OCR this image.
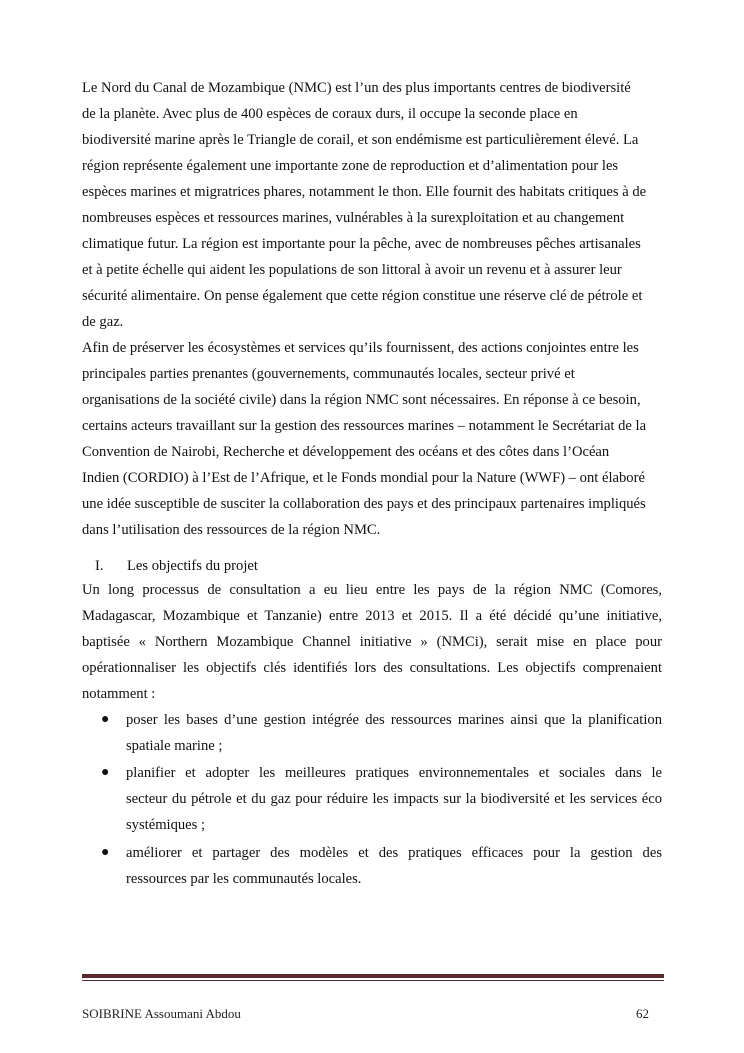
Le Nord du Canal de Mozambique (NMC) est l’un des plus importants centres de biodiversité
de la planète. Avec plus de 400 espèces de coraux durs, il occupe la seconde place en
biodiversité marine après le Triangle de corail, et son endémisme est particulièrement élevé. La
région représente également une importante zone de reproduction et d’alimentation pour les
espèces marines et migratrices phares, notamment le thon. Elle fournit des habitats critiques à de
nombreuses espèces et ressources marines, vulnérables à la surexploitation et au changement
climatique futur. La région est importante pour la pêche, avec de nombreuses pêches artisanales
et à petite échelle qui aident les populations de son littoral à avoir un revenu et à assurer leur
sécurité alimentaire. On pense également que cette région constitue une réserve clé de pétrole et
de gaz.
Afin de préserver les écosystèmes et services qu’ils fournissent, des actions conjointes entre les
principales parties prenantes (gouvernements, communautés locales, secteur privé et
organisations de la société civile) dans la région NMC sont nécessaires. En réponse à ce besoin,
certains acteurs travaillant sur la gestion des ressources marines – notamment le Secrétariat de la
Convention de Nairobi, Recherche et développement des océans et des côtes dans l’Océan
Indien (CORDIO) à l’Est de l’Afrique, et le Fonds mondial pour la Nature (WWF) – ont élaboré
une idée susceptible de susciter la collaboration des pays et des principaux partenaires impliqués
dans l’utilisation des ressources de la région NMC.
I. Les objectifs du projet
Un long processus de consultation a eu lieu entre les pays de la région NMC (Comores,
Madagascar, Mozambique et Tanzanie) entre 2013 et 2015. Il a été décidé qu’une initiative,
baptisée « Northern Mozambique Channel initiative » (NMCi), serait mise en place pour
opérationnaliser les objectifs clés identifiés lors des consultations. Les objectifs comprenaient
notamment :
● poser les bases d’une gestion intégrée des ressources marines ainsi que la planification
spatiale marine ;
● planifier et adopter les meilleures pratiques environnementales et sociales dans le
secteur du pétrole et du gaz pour réduire les impacts sur la biodiversité et les services éco
systémiques ;
● améliorer et partager des modèles et des pratiques efficaces pour la gestion des
ressources par les communautés locales.
SOIBRINE Assoumani Abdou	62
